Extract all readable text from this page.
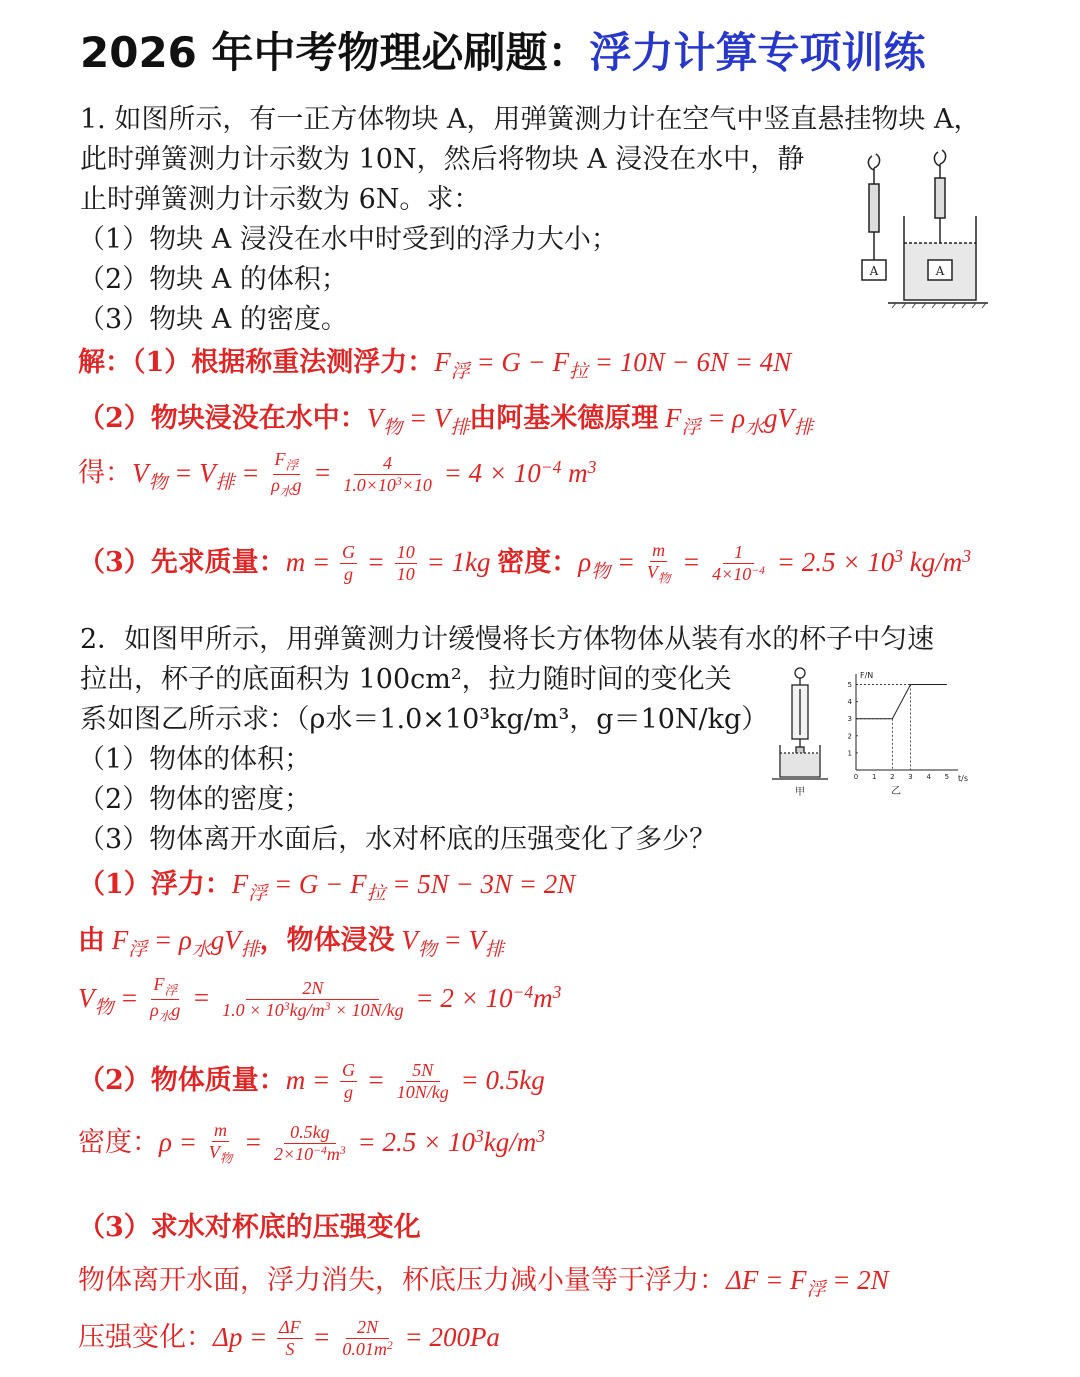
2026 年中考物理必刷题：浮力计算专项训练
1. 如图所示，有一正方体物块 A，用弹簧测力计在空气中竖直悬挂物块 A，
此时弹簧测力计示数为 10N，然后将物块 A 浸没在水中，静
止时弹簧测力计示数为 6N。求：
（1）物块 A 浸没在水中时受到的浮力大小；
（2）物块 A 的体积；
（3）物块 A 的密度。
A	A
解：（1）根据称重法测浮力：$F_浮 = G - F_拉 = 10N - 6N = 4N$
（2）物块浸没在水中：$V_物 = V_排$由阿基米德原理 $F_浮 = \rho_水gV_排$
得：$V_物 = V_排 = \frac{F_浮}{\rho_水g} = \frac{4}{1.0\times 10^3\times 10} = 4 \times 10^{-4}$ $m^3$
（3）先求质量：$m = \frac{G}{g} = \frac{10}{10} = 1kg$ 密度：$\rho_物 = \frac{m}{V_物} = \frac{1}{4\times 10^{-4}} = 2.5 \times 10^3$ $kg/m^3$
2．如图甲所示，用弹簧测力计缓慢将长方体物体从装有水的杯子中匀速
拉出，杯子的底面积为 100cm²，拉力随时间的变化关
系如图乙所示求：（ρ水＝1.0×10³kg/m³，g＝10N/kg）
（1）物体的体积；
（2）物体的密度；
（3）物体离开水面后，水对杯底的压强变化了多少？
甲
F/N
t/s
乙
0 1 2 3 4 5
1
2
3
4
5
（1）浮力：$F_浮 = G - F_拉 = 5N - 3N = 2N$
由 $F_浮 = \rho_水gV_排$，物体浸没 $V_物 = V_排$
$V_物 = \frac{F_浮}{\rho_水g} = \frac{2N}{1.0 \times 10^3kg/m^3 \times 10N/kg} = 2 \times 10^{-4}m^3$
（2）物体质量：$m = \frac{G}{g} = \frac{5N}{10N/kg} = 0.5kg$
密度：$\rho = \frac{m}{V_物} = \frac{0.5kg}{2\times 10^{-4}m^3} = 2.5 \times 10^3kg/m^3$
（3）求水对杯底的压强变化
物体离开水面，浮力消失，杯底压力减小量等于浮力：$\Delta F = F_浮 = 2N$
压强变化：$\Delta p = \frac{\Delta F}{S} = \frac{2N}{0.01m^2} = 200Pa$
